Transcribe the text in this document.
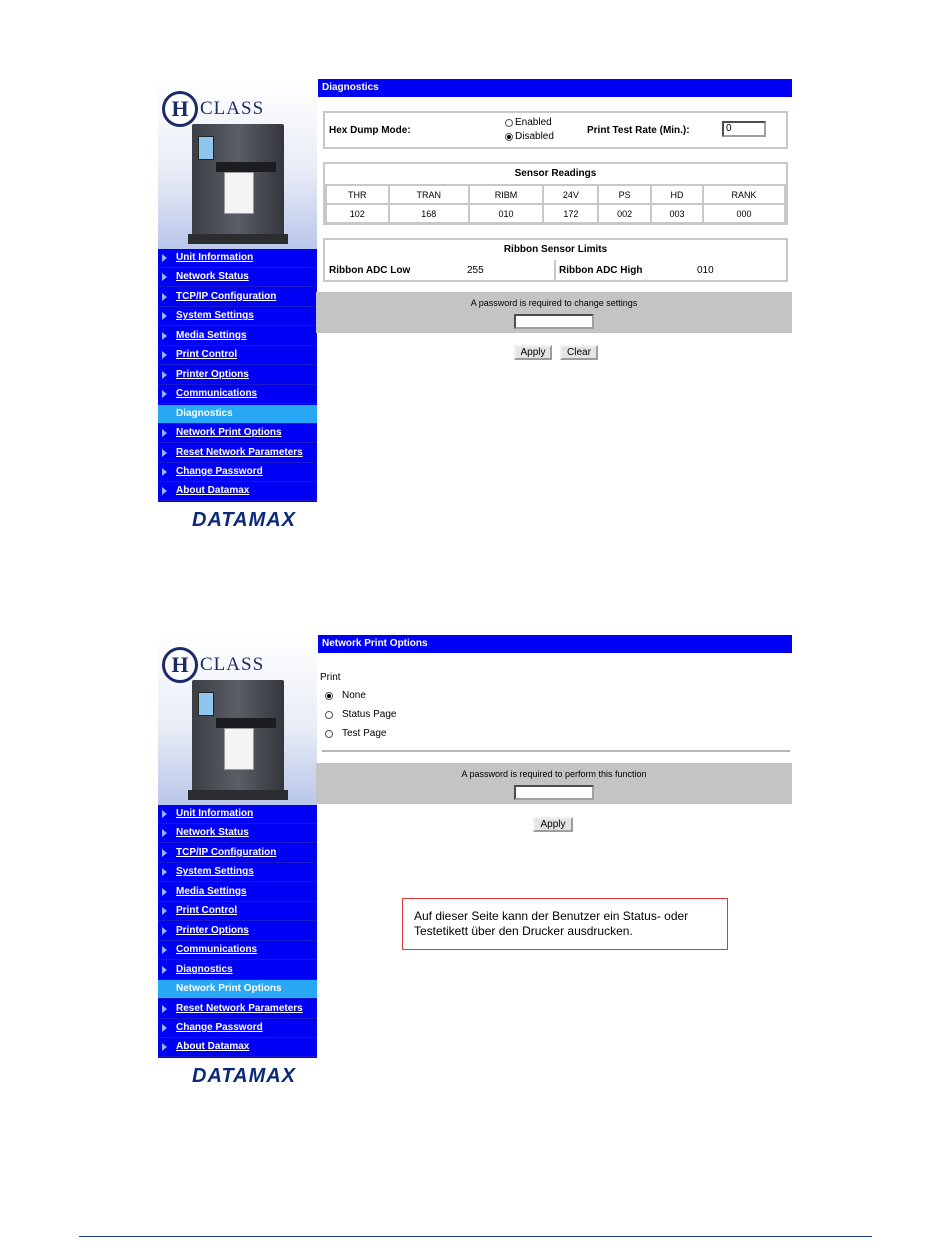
H CLASS
Unit Information
Network Status
TCP/IP Configuration
System Settings
Media Settings
Print Control
Printer Options
Communications
Diagnostics
Network Print Options
Reset Network Parameters
Change Password
About Datamax
DATAMAX
Diagnostics
Hex Dump Mode:
Enabled
Disabled
Print Test Rate (Min.):	0
Sensor Readings
THR	TRAN	RIBM	24V	PS	HD	RANK
102	168	010	172	002	003	000
Ribbon Sensor Limits
Ribbon ADC Low	255	Ribbon ADC High	010
A password is required to change settings
Apply	Clear
H CLASS
Unit Information
Network Status
TCP/IP Configuration
System Settings
Media Settings
Print Control
Printer Options
Communications
Diagnostics
Network Print Options
Reset Network Parameters
Change Password
About Datamax
DATAMAX
Network Print Options
Print
None
Status Page
Test Page
A password is required to perform this function
Apply
Auf dieser Seite kann der Benutzer ein Status- oder Testetikett über den Drucker ausdrucken.
